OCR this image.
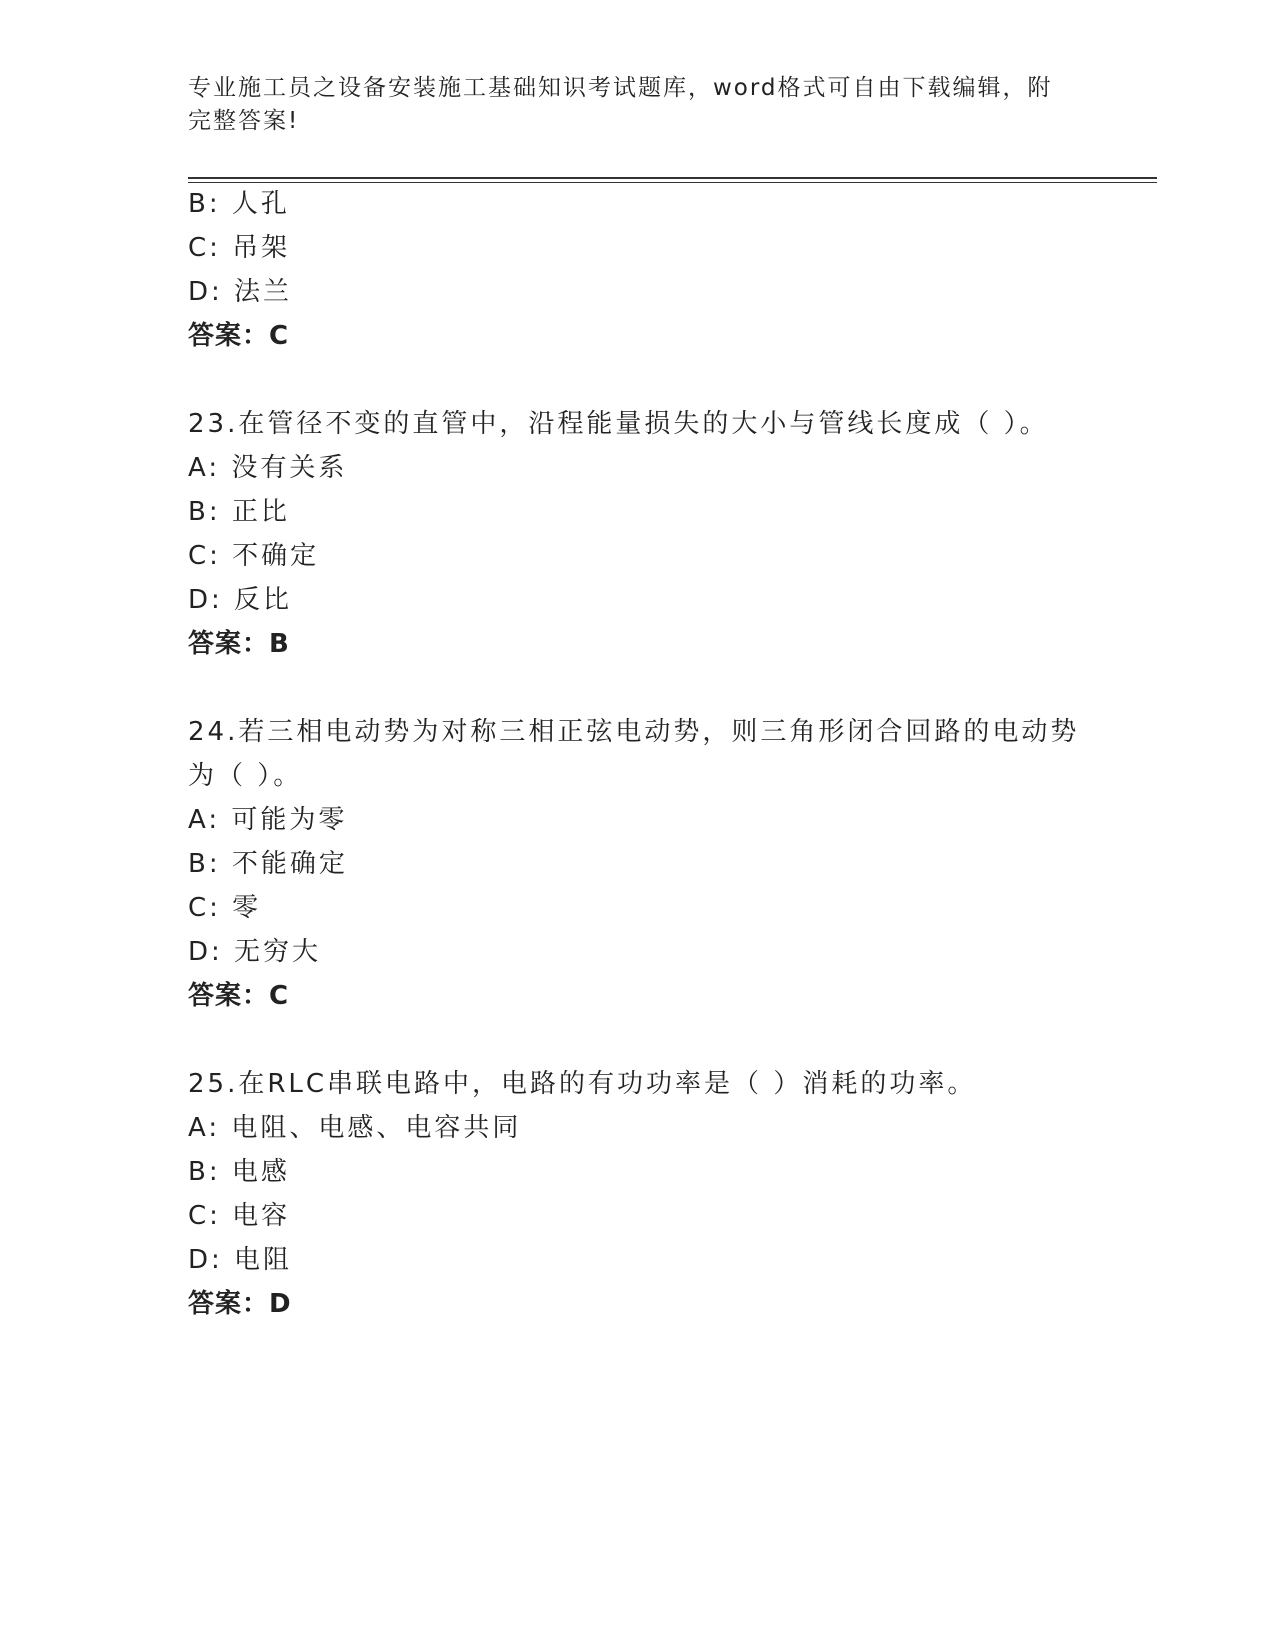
专业施工员之设备安装施工基础知识考试题库，word格式可自由下载编辑，附完整答案!
B: 人孔
C: 吊架
D: 法兰
答案：C
23.在管径不变的直管中，沿程能量损失的大小与管线长度成（ ）。
A: 没有关系
B: 正比
C: 不确定
D: 反比
答案：B
24.若三相电动势为对称三相正弦电动势，则三角形闭合回路的电动势
为（ ）。
A: 可能为零
B: 不能确定
C: 零
D: 无穷大
答案：C
25.在RLC串联电路中，电路的有功功率是（ ）消耗的功率。
A: 电阻、电感、电容共同
B: 电感
C: 电容
D: 电阻
答案：D
